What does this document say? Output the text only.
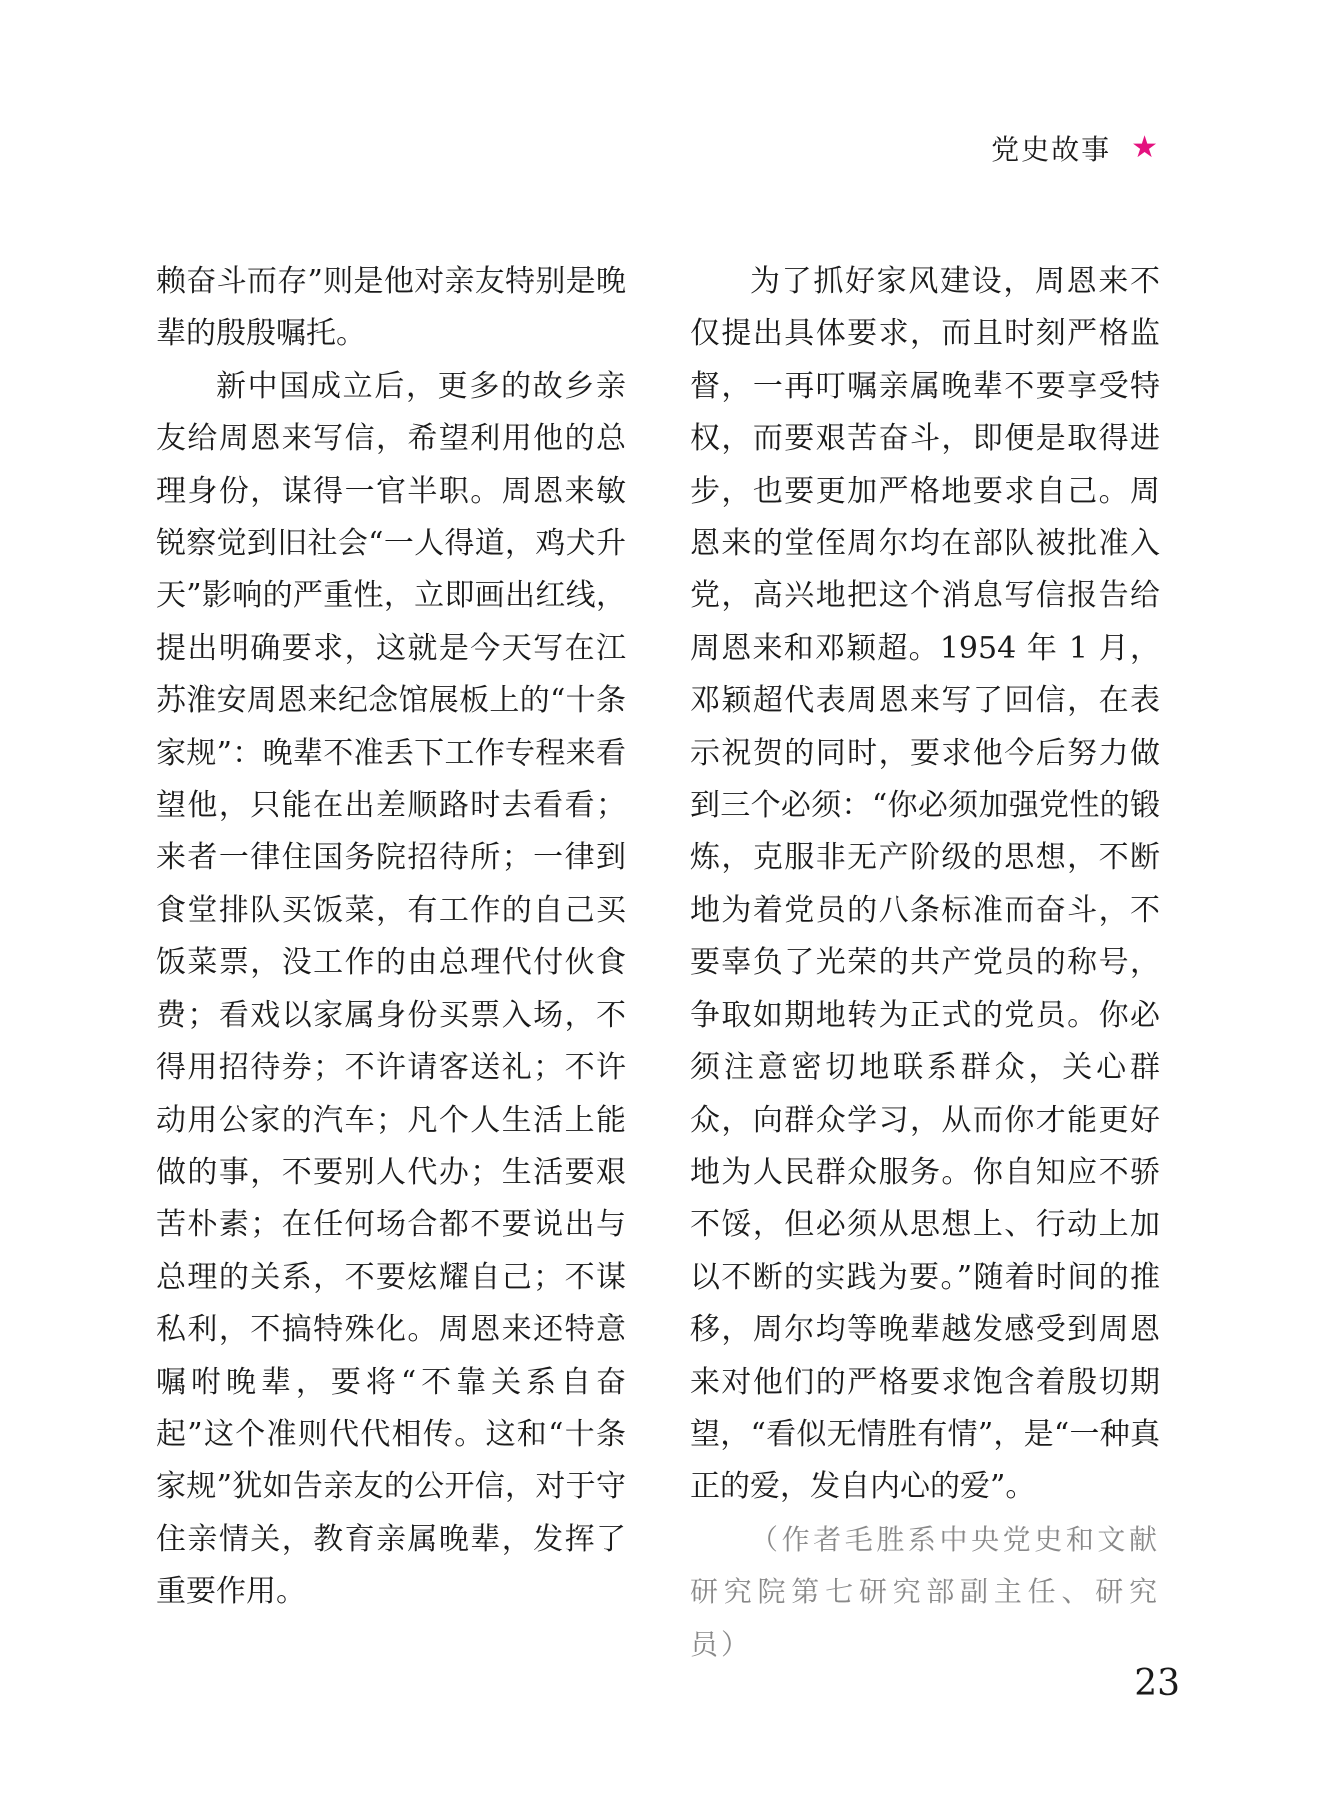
党史故事 ★

赖奋斗而存”则是他对亲友特别是晚辈的殷殷嘱托。

新中国成立后，更多的故乡亲友给周恩来写信，希望利用他的总理身份，谋得一官半职。周恩来敏锐察觉到旧社会“一人得道，鸡犬升天”影响的严重性，立即画出红线，提出明确要求，这就是今天写在江苏淮安周恩来纪念馆展板上的“十条家规”：晚辈不准丢下工作专程来看望他，只能在出差顺路时去看看；来者一律住国务院招待所；一律到食堂排队买饭菜，有工作的自己买饭菜票，没工作的由总理代付伙食费；看戏以家属身份买票入场，不得用招待券；不许请客送礼；不许动用公家的汽车；凡个人生活上能做的事，不要别人代办；生活要艰苦朴素；在任何场合都不要说出与总理的关系，不要炫耀自己；不谋私利，不搞特殊化。周恩来还特意嘱咐晚辈，要将“不靠关系自奋起”这个准则代代相传。这和“十条家规”犹如告亲友的公开信，对于守住亲情关，教育亲属晚辈，发挥了重要作用。

为了抓好家风建设，周恩来不仅提出具体要求，而且时刻严格监督，一再叮嘱亲属晚辈不要享受特权，而要艰苦奋斗，即便是取得进步，也要更加严格地要求自己。周恩来的堂侄周尔均在部队被批准入党，高兴地把这个消息写信报告给周恩来和邓颖超。1954 年 1 月，邓颖超代表周恩来写了回信，在表示祝贺的同时，要求他今后努力做到三个必须：“你必须加强党性的锻炼，克服非无产阶级的思想，不断地为着党员的八条标准而奋斗，不要辜负了光荣的共产党员的称号，争取如期地转为正式的党员。你必须注意密切地联系群众，关心群众，向群众学习，从而你才能更好地为人民群众服务。你自知应不骄不馁，但必须从思想上、行动上加以不断的实践为要。”随着时间的推移，周尔均等晚辈越发感受到周恩来对他们的严格要求饱含着殷切期望，“看似无情胜有情”，是“一种真正的爱，发自内心的爱”。

（作者毛胜系中央党史和文献研究院第七研究部副主任、研究员）

23
